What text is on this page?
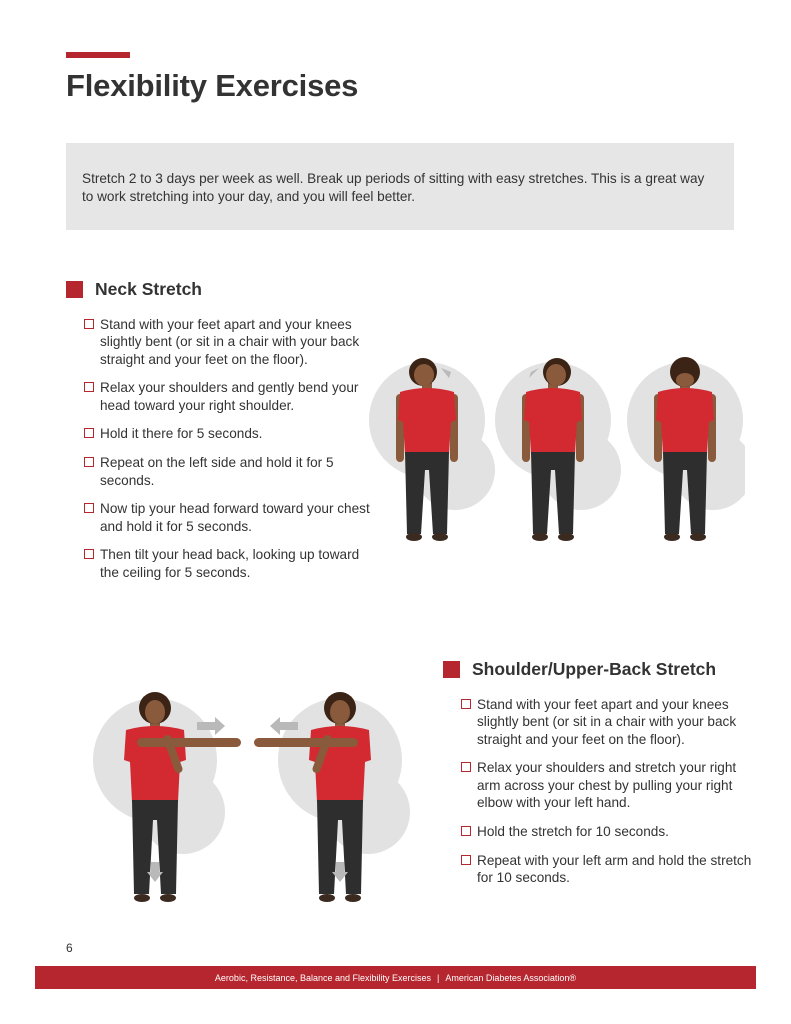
Flexibility Exercises
Stretch 2 to 3 days per week as well. Break up periods of sitting with easy stretches. This is a great way to work stretching into your day, and you will feel better.
Neck Stretch
Stand with your feet apart and your knees slightly bent (or sit in a chair with your back straight and your feet on the floor).
Relax your shoulders and gently bend your head toward your right shoulder.
Hold it there for 5 seconds.
Repeat on the left side and hold it for 5 seconds.
Now tip your head forward toward your chest and hold it for 5 seconds.
Then tilt your head back, looking up toward the ceiling for 5 seconds.
Shoulder/Upper-Back Stretch
Stand with your feet apart and your knees slightly bent (or sit in a chair with your back straight and your feet on the floor).
Relax your shoulders and stretch your right arm across your chest by pulling your right elbow with your left hand.
Hold the stretch for 10 seconds.
Repeat with your left arm and hold the stretch for 10 seconds.
6
Aerobic, Resistance, Balance and Flexibility Exercises | American Diabetes Association®
